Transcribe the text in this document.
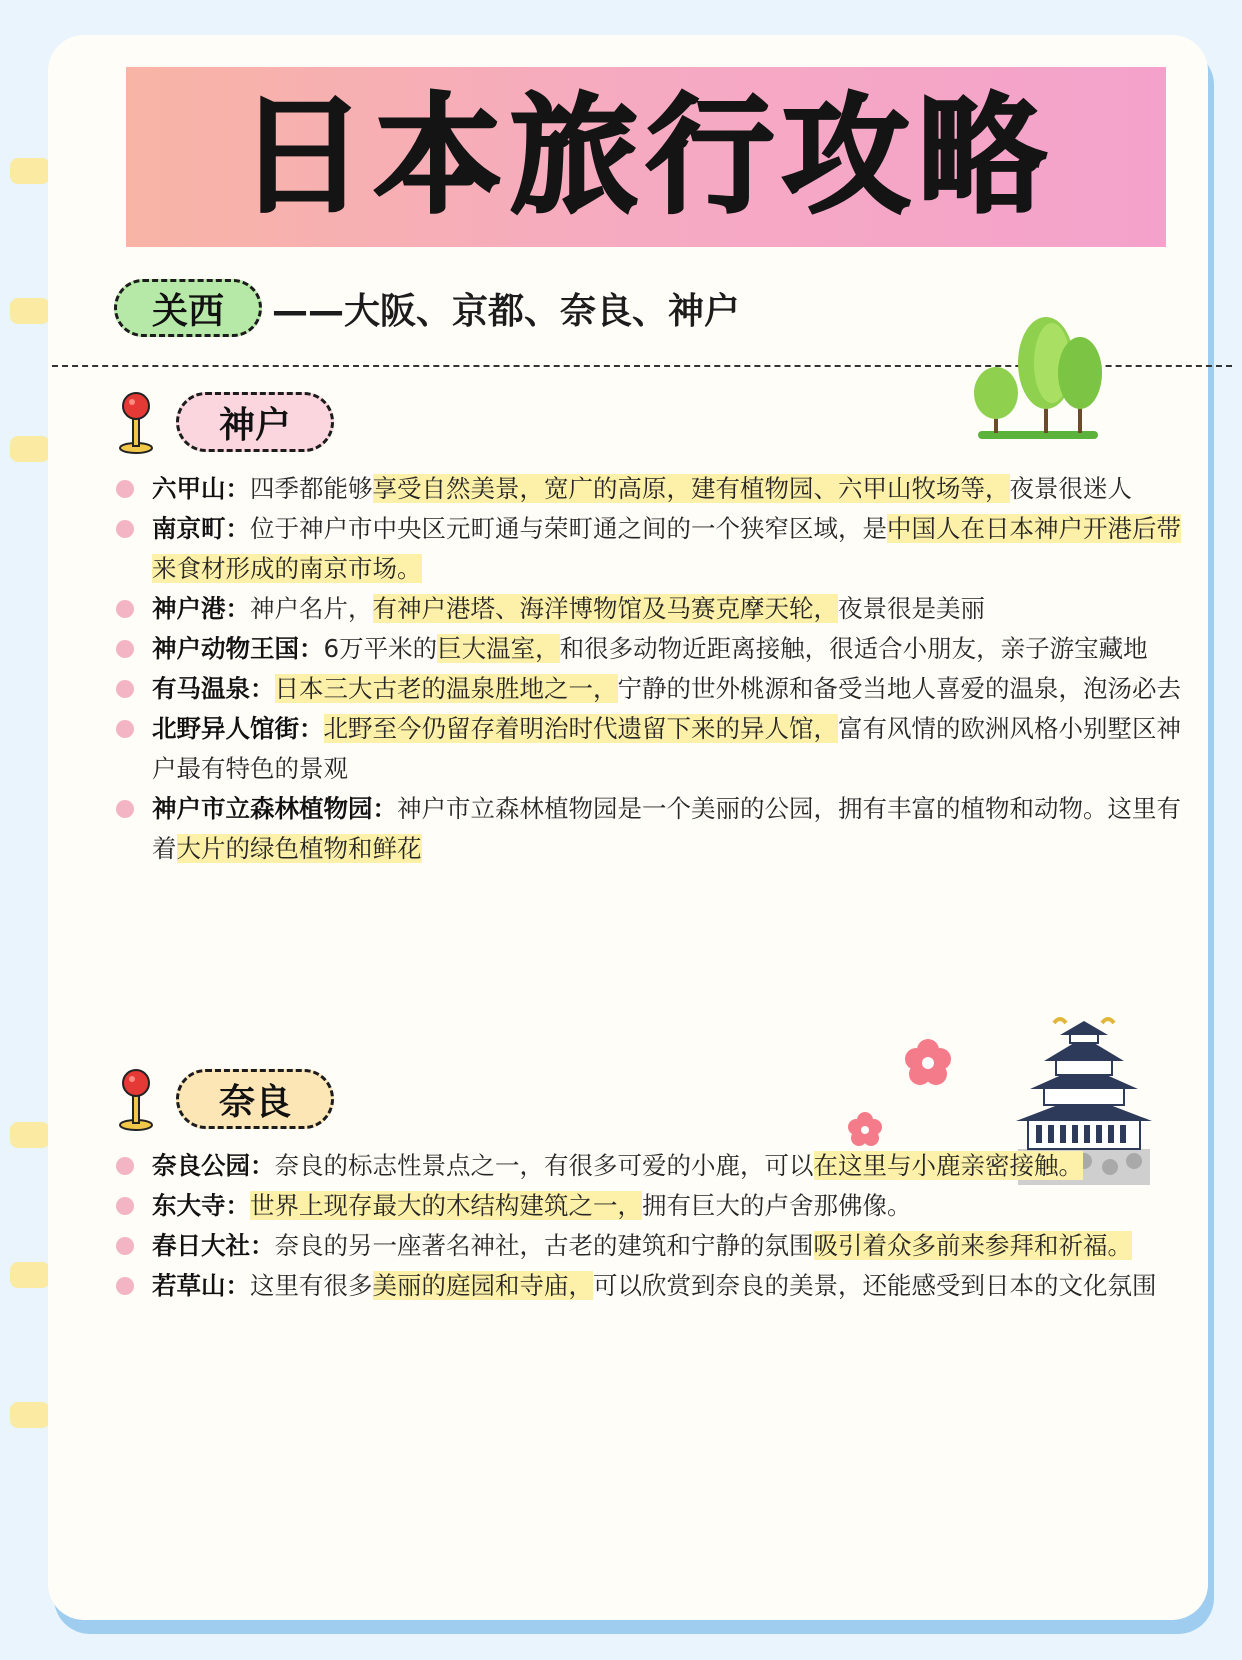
日本旅行攻略
关西	——大阪、京都、奈良、神户
神户
六甲山：四季都能够享受自然美景，宽广的高原，建有植物园、六甲山牧场等，夜景很迷人
南京町：位于神户市中央区元町通与荣町通之间的一个狭窄区域，是中国人在日本神户开港后带来食材形成的南京市场。
神户港：神户名片，有神户港塔、海洋博物馆及马赛克摩天轮，夜景很是美丽
神户动物王国：6万平米的巨大温室，和很多动物近距离接触，很适合小朋友，亲子游宝藏地
有马温泉：日本三大古老的温泉胜地之一，宁静的世外桃源和备受当地人喜爱的温泉，泡汤必去
北野异人馆街：北野至今仍留存着明治时代遗留下来的异人馆，富有风情的欧洲风格小别墅区神户最有特色的景观
神户市立森林植物园：神户市立森林植物园是一个美丽的公园，拥有丰富的植物和动物。这里有着大片的绿色植物和鲜花
奈良
奈良公园：奈良的标志性景点之一，有很多可爱的小鹿，可以在这里与小鹿亲密接触。
东大寺：世界上现存最大的木结构建筑之一，拥有巨大的卢舍那佛像。
春日大社：奈良的另一座著名神社，古老的建筑和宁静的氛围吸引着众多前来参拜和祈福。
若草山：这里有很多美丽的庭园和寺庙，可以欣赏到奈良的美景，还能感受到日本的文化氛围
